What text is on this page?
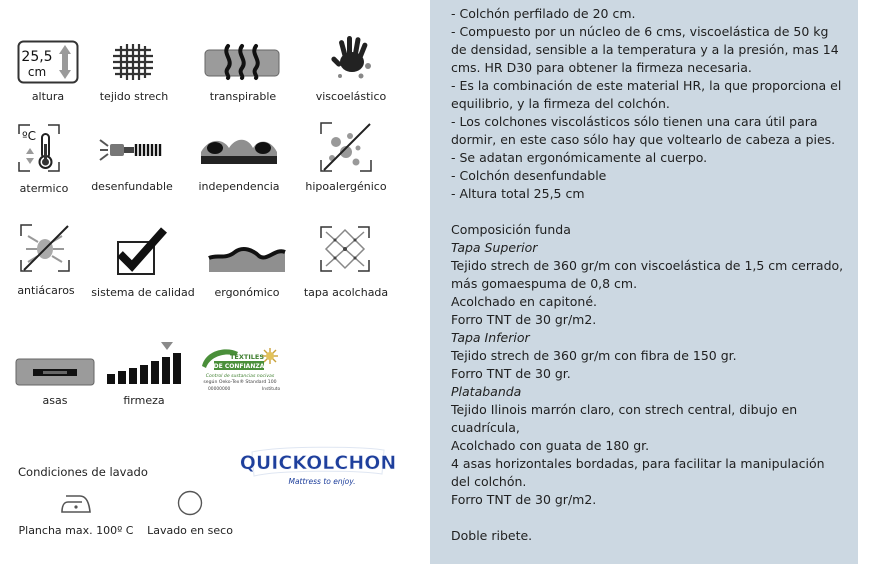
25,5
cm
altura	tejido strech	transpirable	viscoelástico
ºC
atermico	desenfundable	independencia	hipoalergénico
antiácaros	sistema de calidad	ergonómico	tapa acolchada
asas	firmeza
TEXTILES
DE CONFIANZA
Control de sustancias nocivas
según Oeko-Tex® Standard 100
00000000	Instituto
Condiciones de lavado
Plancha max. 100º C	Lavado en seco
QUICKOLCHON
Mattress to enjoy.

- Colchón perfilado de 20 cm.

- Compuesto por un núcleo de 6 cms, viscoelástica de 50 kg

de densidad, sensible a la temperatura y a la presión, mas 14

cms. HR D30 para obtener la firmeza necesaria.

- Es la combinación de este material HR, la que proporciona el

equilibrio, y la firmeza del colchón.

- Los colchones viscolásticos sólo tienen una cara útil para

dormir, en este caso sólo hay que voltearlo de cabeza a pies.

- Se adatan ergonómicamente al cuerpo.

- Colchón desenfundable

- Altura total 25,5 cm

Composición funda

Tapa Superior

Tejido strech de 360 gr/m con viscoelástica de 1,5 cm cerrado,

más gomaespuma de 0,8 cm.

Acolchado en capitoné.

Forro TNT de 30 gr/m2.

Tapa Inferior

Tejido strech de 360 gr/m con fibra de 150 gr.

Forro TNT de 30 gr.

Platabanda

Tejido Ilinois marrón claro, con strech central, dibujo en

cuadrícula,

Acolchado con guata de 180 gr.

4 asas horizontales bordadas, para facilitar la manipulación

del colchón.

Forro TNT de 30 gr/m2.

Doble ribete.
